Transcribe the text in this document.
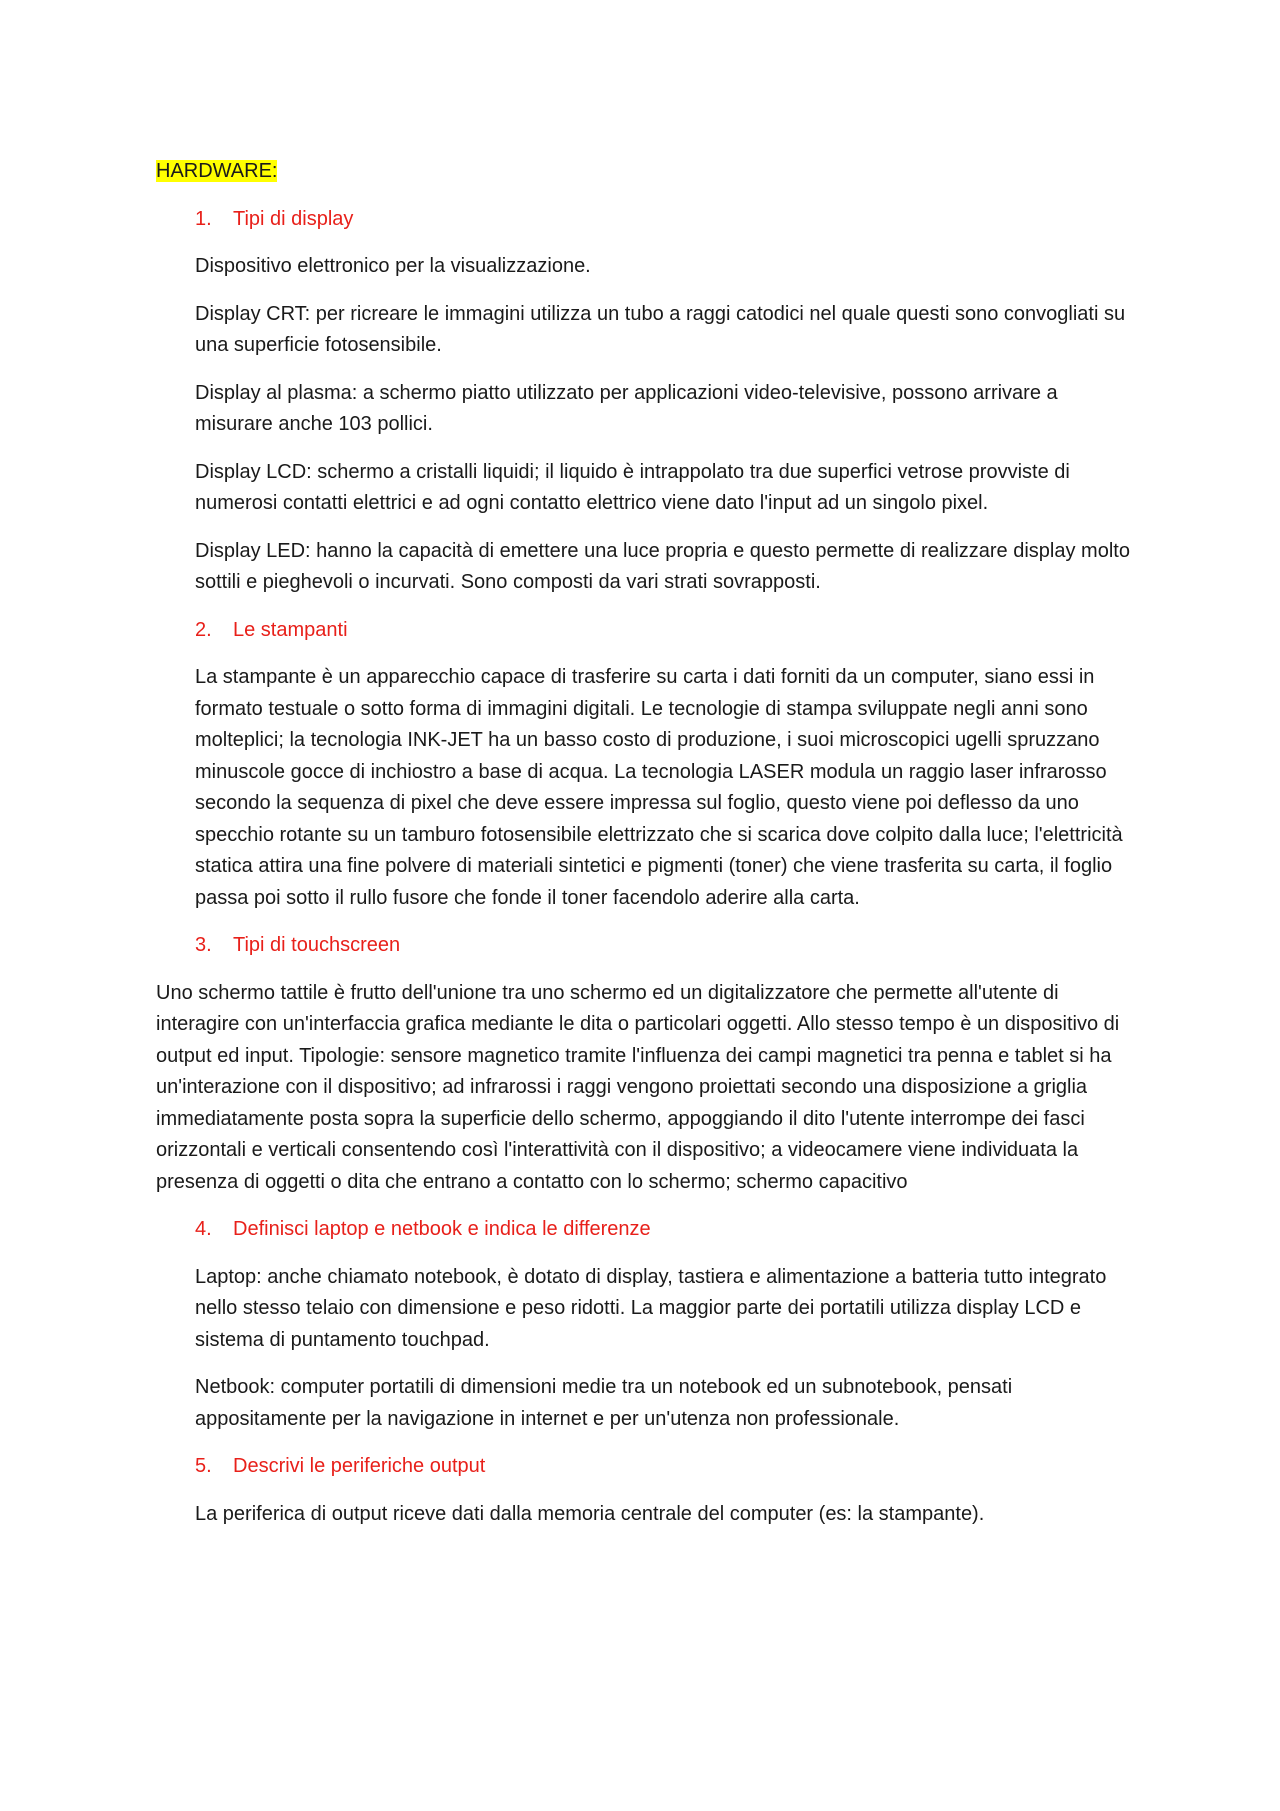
HARDWARE:
1. Tipi di display

Dispositivo elettronico per la visualizzazione.

Display CRT: per ricreare le immagini utilizza un tubo a raggi catodici nel quale questi sono convogliati su una superficie fotosensibile.

Display al plasma: a schermo piatto utilizzato per applicazioni video-televisive, possono arrivare a misurare anche 103 pollici.

Display LCD: schermo a cristalli liquidi; il liquido è intrappolato tra due superfici vetrose provviste di numerosi contatti elettrici e ad ogni contatto elettrico viene dato l'input ad un singolo pixel.

Display LED: hanno la capacità di emettere una luce propria e questo permette di realizzare display molto sottili e pieghevoli o incurvati. Sono composti da vari strati sovrapposti.

2. Le stampanti

La stampante è un apparecchio capace di trasferire su carta i dati forniti da un computer, siano essi in formato testuale o sotto forma di immagini digitali. Le tecnologie di stampa sviluppate negli anni sono molteplici; la tecnologia INK-JET ha un basso costo di produzione, i suoi microscopici ugelli spruzzano minuscole gocce di inchiostro a base di acqua. La tecnologia LASER modula un raggio laser infrarosso secondo la sequenza di pixel che deve essere impressa sul foglio, questo viene poi deflesso da uno specchio rotante su un tamburo fotosensibile elettrizzato che si scarica dove colpito dalla luce; l'elettricità statica attira una fine polvere di materiali sintetici e pigmenti (toner) che viene trasferita su carta, il foglio passa poi sotto il rullo fusore che fonde il toner facendolo aderire alla carta.

3. Tipi di touchscreen

Uno schermo tattile è frutto dell'unione tra uno schermo ed un digitalizzatore che permette all'utente di interagire con un'interfaccia grafica mediante le dita o particolari oggetti. Allo stesso tempo è un dispositivo di output ed input. Tipologie: sensore magnetico tramite l'influenza dei campi magnetici tra penna e tablet si ha un'interazione con il dispositivo; ad infrarossi i raggi vengono proiettati secondo una disposizione a griglia immediatamente posta sopra la superficie dello schermo, appoggiando il dito l'utente interrompe dei fasci orizzontali e verticali consentendo così l'interattività con il dispositivo; a videocamere viene individuata la presenza di oggetti o dita che entrano a contatto con lo schermo; schermo capacitivo

4. Definisci laptop e netbook e indica le differenze

Laptop: anche chiamato notebook, è dotato di display, tastiera e alimentazione a batteria tutto integrato nello stesso telaio con dimensione e peso ridotti. La maggior parte dei portatili utilizza display LCD e sistema di puntamento touchpad.

Netbook: computer portatili di dimensioni medie tra un notebook ed un subnotebook, pensati appositamente per la navigazione in internet e per un'utenza non professionale.

5. Descrivi le periferiche output

La periferica di output riceve dati dalla memoria centrale del computer (es: la stampante).
